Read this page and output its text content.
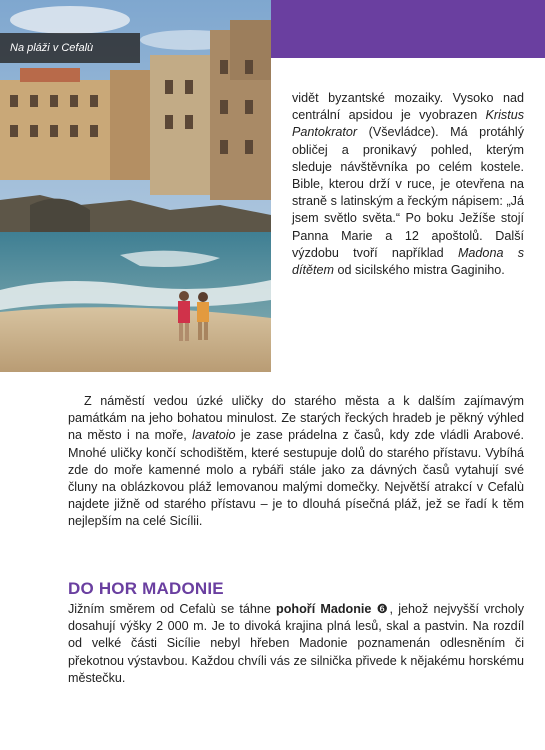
Na pláži v Cefalù

vidět byzantské mozaiky. Vysoko nad centrální apsidou je vyobrazen Kristus Pantokrator (Vševládce). Má protáhlý obličej a pronikavý pohled, kterým sleduje návštěvníka po celém kostele. Bible, kterou drží v ruce, je otevřena na straně s latinským a řeckým nápisem: „Já jsem světlo světa.“ Po boku Ježíše stojí Panna Marie a 12 apoštolů. Další výzdobu tvoří například Madona s dítětem od sicilského mistra Gaginiho.

Z náměstí vedou úzké uličky do starého města a k dalším zajímavým památkám na jeho bohatou minulost. Ze starých řeckých hradeb je pěkný výhled na město i na moře, lavatoio je zase prádelna z časů, kdy zde vládli Arabové. Mnohé uličky končí schodištěm, které sestupuje dolů do starého přístavu. Vybíhá zde do moře kamenné molo a rybáři stále jako za dávných časů vytahují své čluny na oblázkovou pláž lemovanou malými domečky. Největší atrakcí v Cefalù najdete jižně od starého přístavu – je to dlouhá písečná pláž, jež se řadí k těm nejlepším na celé Sicílii.

DO HOR MADONIE

Jižním směrem od Cefalù se táhne pohoří Madonie ❻, jehož nejvyšší vrcholy dosahují výšky 2 000 m. Je to divoká krajina plná lesů, skal a pastvin. Na rozdíl od velké části Sicílie nebyl hřeben Madonie poznamenán odlesněním či překotnou výstavbou. Každou chvíli vás ze silnička přivede k nějakému horskému městečku.
